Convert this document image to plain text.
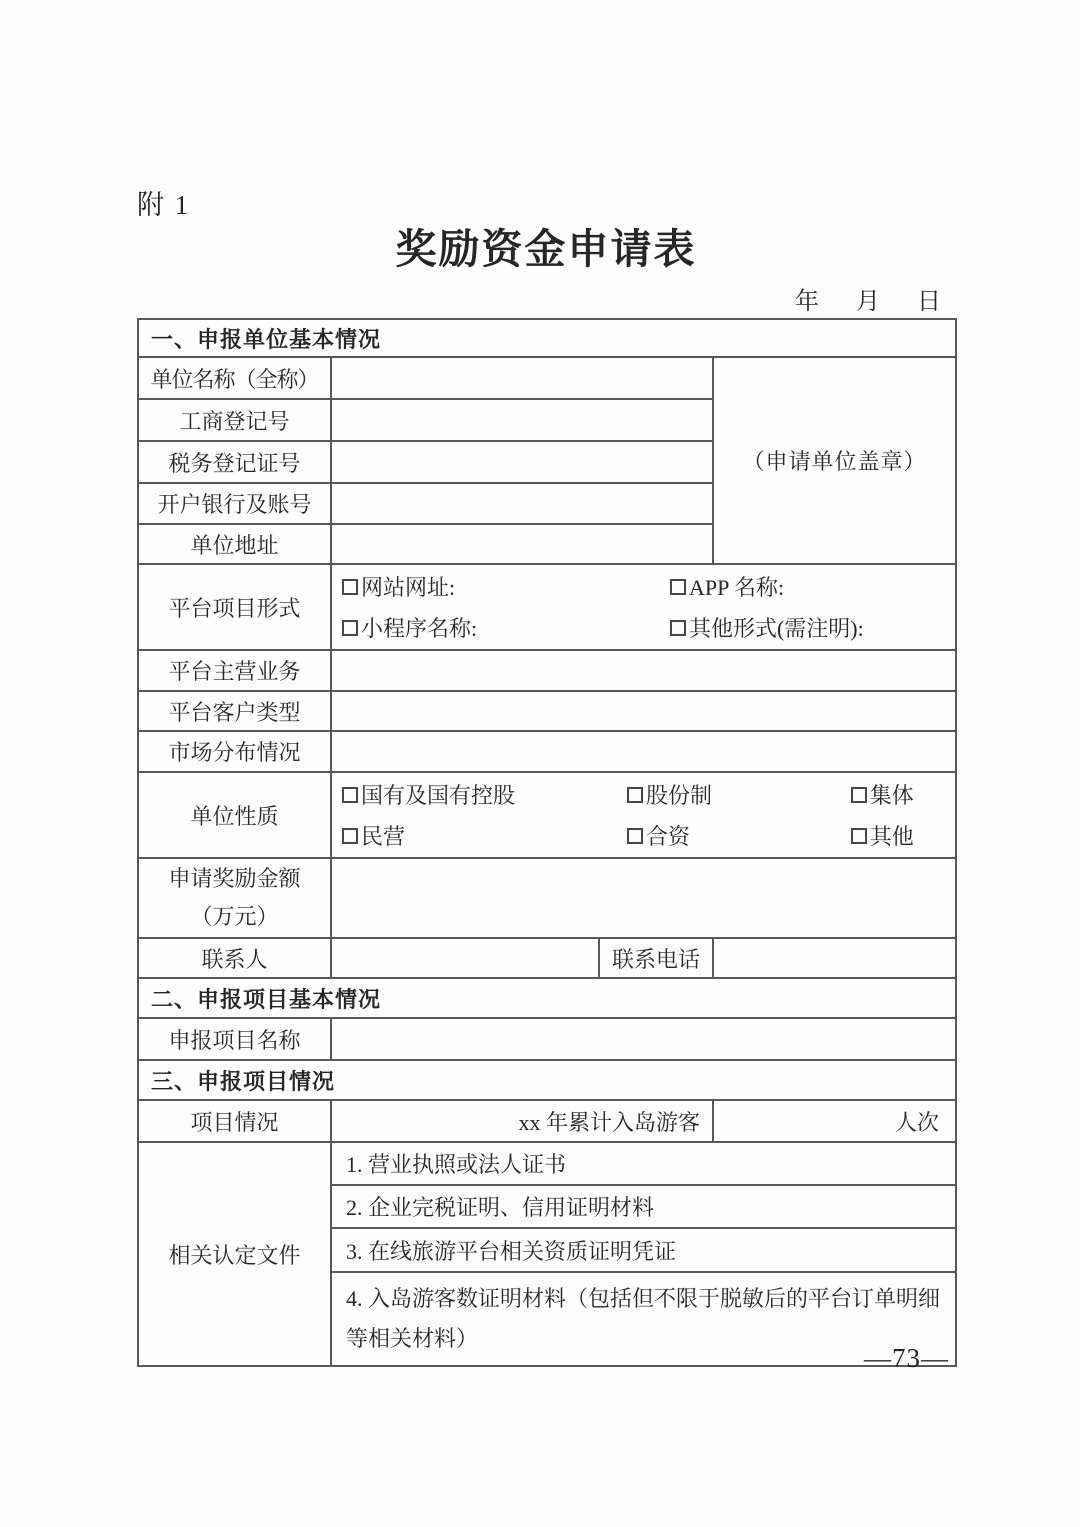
附 1
奖励资金申请表
年 月 日
一、申报单位基本情况			
单位名称（全称）			（申请单位盖章）
工商登记号			
税务登记证号			
开户银行及账号			
单位地址			
平台项目形式	网站网址: APP 名称:
小程序名称: 其他形式(需注明):		

平台主营业务			
平台客户类型			
市场分布情况			
单位性质	
国有及国有控股	股份制	集体
民营	合资	其他

申请奖励金额
（万元）			

联系人		联系电话	
二、申报项目基本情况			
申报项目名称			
三、申报项目情况			
项目情况	xx 年累计入岛游客		人次
相关认定文件	1. 营业执照或法人证书		
	2. 企业完税证明、信用证明材料		
	3. 在线旅游平台相关资质证明凭证		
	4. 入岛游客数证明材料（包括但不限于脱敏后的平台订单明细等相关材料）		
—73—
